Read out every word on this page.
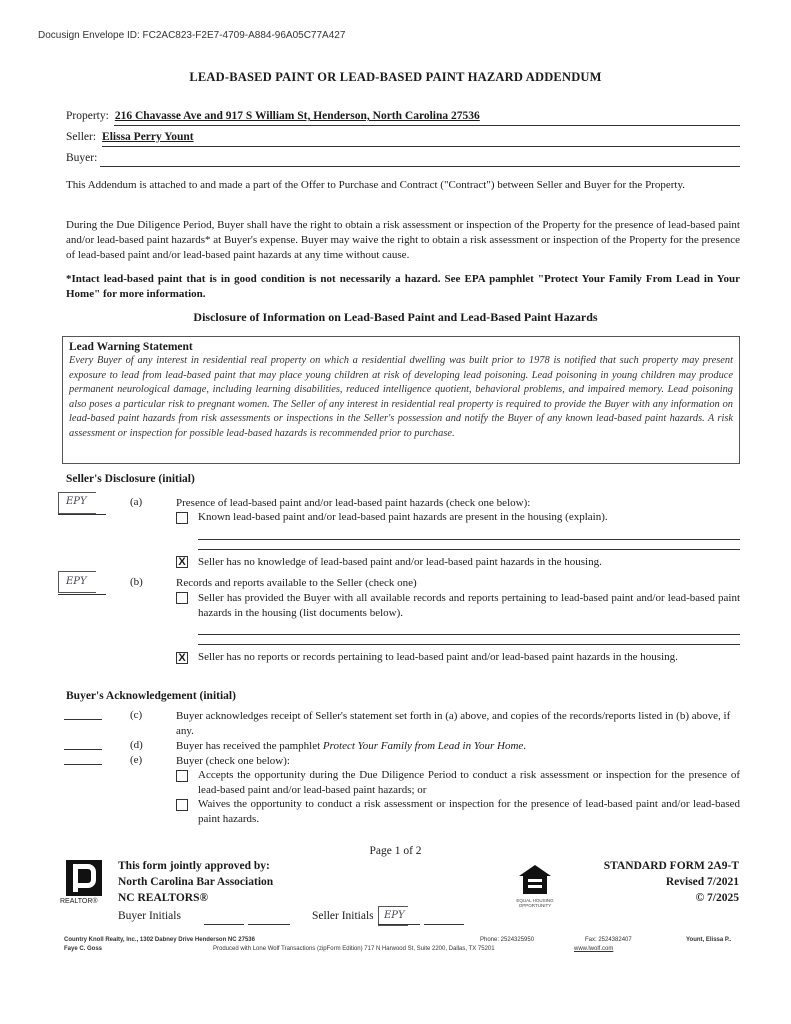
Docusign Envelope ID: FC2AC823-F2E7-4709-A884-96A05C77A427
LEAD-BASED PAINT OR LEAD-BASED PAINT HAZARD ADDENDUM
Property: 216 Chavasse Ave and 917 S William St, Henderson, North Carolina 27536
Seller: Elissa Perry Yount
Buyer:
This Addendum is attached to and made a part of the Offer to Purchase and Contract ("Contract") between Seller and Buyer for the Property.
During the Due Diligence Period, Buyer shall have the right to obtain a risk assessment or inspection of the Property for the presence of lead-based paint and/or lead-based paint hazards* at Buyer's expense. Buyer may waive the right to obtain a risk assessment or inspection of the Property for the presence of lead-based paint and/or lead-based paint hazards at any time without cause.
*Intact lead-based paint that is in good condition is not necessarily a hazard. See EPA pamphlet "Protect Your Family From Lead in Your Home" for more information.
Disclosure of Information on Lead-Based Paint and Lead-Based Paint Hazards
Lead Warning Statement
Every Buyer of any interest in residential real property on which a residential dwelling was built prior to 1978 is notified that such property may present exposure to lead from lead-based paint that may place young children at risk of developing lead poisoning. Lead poisoning in young children may produce permanent neurological damage, including learning disabilities, reduced intelligence quotient, behavioral problems, and impaired memory. Lead poisoning also poses a particular risk to pregnant women. The Seller of any interest in residential real property is required to provide the Buyer with any information on lead-based paint hazards from risk assessments or inspections in the Seller's possession and notify the Buyer of any known lead-based paint hazards. A risk assessment or inspection for possible lead-based hazards is recommended prior to purchase.
Seller's Disclosure (initial)
EPY	(a)	Presence of lead-based paint and/or lead-based paint hazards (check one below):
Known lead-based paint and/or lead-based paint hazards are present in the housing (explain).
X Seller has no knowledge of lead-based paint and/or lead-based paint hazards in the housing.
EPY	(b)	Records and reports available to the Seller (check one)
Seller has provided the Buyer with all available records and reports pertaining to lead-based paint and/or lead-based paint hazards in the housing (list documents below).
X Seller has no reports or records pertaining to lead-based paint and/or lead-based paint hazards in the housing.
Buyer's Acknowledgement (initial)
(c)	Buyer acknowledges receipt of Seller's statement set forth in (a) above, and copies of the records/reports listed in (b) above, if any.
(d)	Buyer has received the pamphlet Protect Your Family from Lead in Your Home.
(e)	Buyer (check one below):
Accepts the opportunity during the Due Diligence Period to conduct a risk assessment or inspection for the presence of lead-based paint and/or lead-based paint hazards; or
Waives the opportunity to conduct a risk assessment or inspection for the presence of lead-based paint and/or lead-based paint hazards.
Page 1 of 2
REALTOR®
This form jointly approved by:
North Carolina Bar Association
NC REALTORS®	EQUAL HOUSING OPPORTUNITY
STANDARD FORM 2A9-T
Revised 7/2021
© 7/2025
Buyer Initials	Seller Initials EPY
Country Knoll Realty, Inc., 1302 Dabney Drive Henderson NC 27536
Faye C. Goss
Phone: 2524325950	Fax: 2524382407	Yount, Elissa P..
Produced with Lone Wolf Transactions (zipForm Edition) 717 N Harwood St, Suite 2200, Dallas, TX 75201	www.lwolf.com
